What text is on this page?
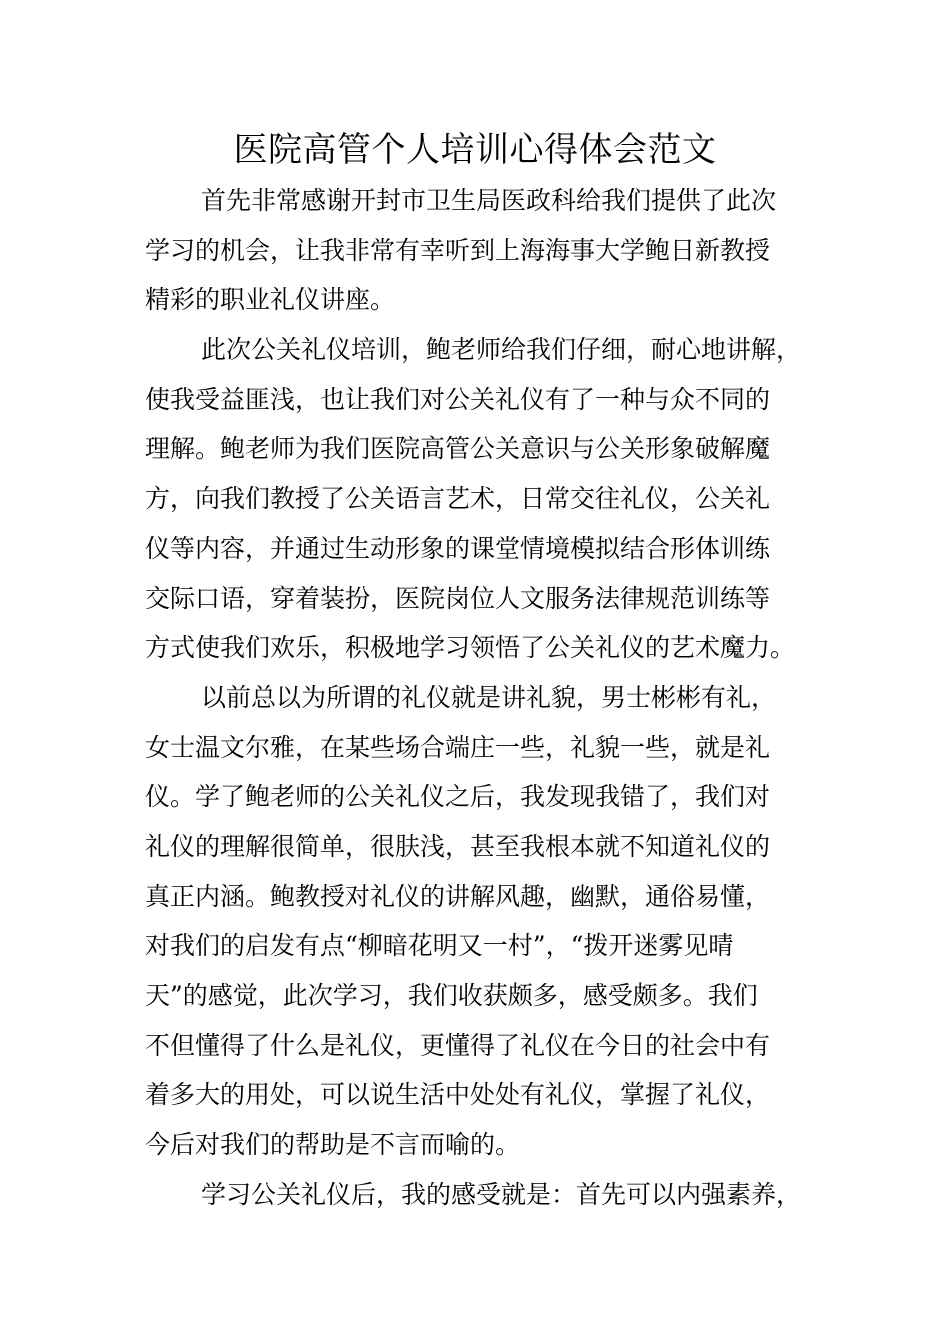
医院高管个人培训心得体会范文

首先非常感谢开封市卫生局医政科给我们提供了此次
学习的机会，让我非常有幸听到上海海事大学鲍日新教授
精彩的职业礼仪讲座。

此次公关礼仪培训，鲍老师给我们仔细，耐心地讲解，
使我受益匪浅，也让我们对公关礼仪有了一种与众不同的
理解。鲍老师为我们医院高管公关意识与公关形象破解魔
方，向我们教授了公关语言艺术，日常交往礼仪，公关礼
仪等内容，并通过生动形象的课堂情境模拟结合形体训练
交际口语，穿着装扮，医院岗位人文服务法律规范训练等
方式使我们欢乐，积极地学习领悟了公关礼仪的艺术魔力。

以前总以为所谓的礼仪就是讲礼貌，男士彬彬有礼，
女士温文尔雅，在某些场合端庄一些，礼貌一些，就是礼
仪。学了鲍老师的公关礼仪之后，我发现我错了，我们对
礼仪的理解很简单，很肤浅，甚至我根本就不知道礼仪的
真正内涵。鲍教授对礼仪的讲解风趣，幽默，通俗易懂，
对我们的启发有点“柳暗花明又一村”，“拨开迷雾见晴
天”的感觉，此次学习，我们收获颇多，感受颇多。我们
不但懂得了什么是礼仪，更懂得了礼仪在今日的社会中有
着多大的用处，可以说生活中处处有礼仪，掌握了礼仪，
今后对我们的帮助是不言而喻的。

学习公关礼仪后，我的感受就是：首先可以内强素养，
